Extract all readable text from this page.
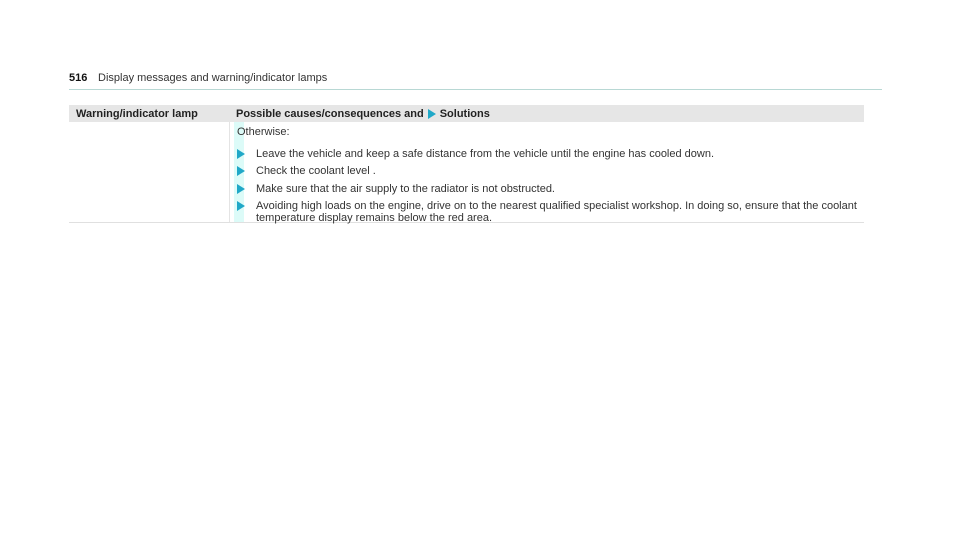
516 Display messages and warning/indicator lamps
Warning/indicator lamp	Possible causes/consequences and Solutions
Otherwise:
Leave the vehicle and keep a safe distance from the vehicle until the engine has cooled down.
Check the coolant level .
Make sure that the air supply to the radiator is not obstructed.
Avoiding high loads on the engine, drive on to the nearest qualified specialist workshop. In doing so, ensure that the coolant temperature display remains below the red area.
